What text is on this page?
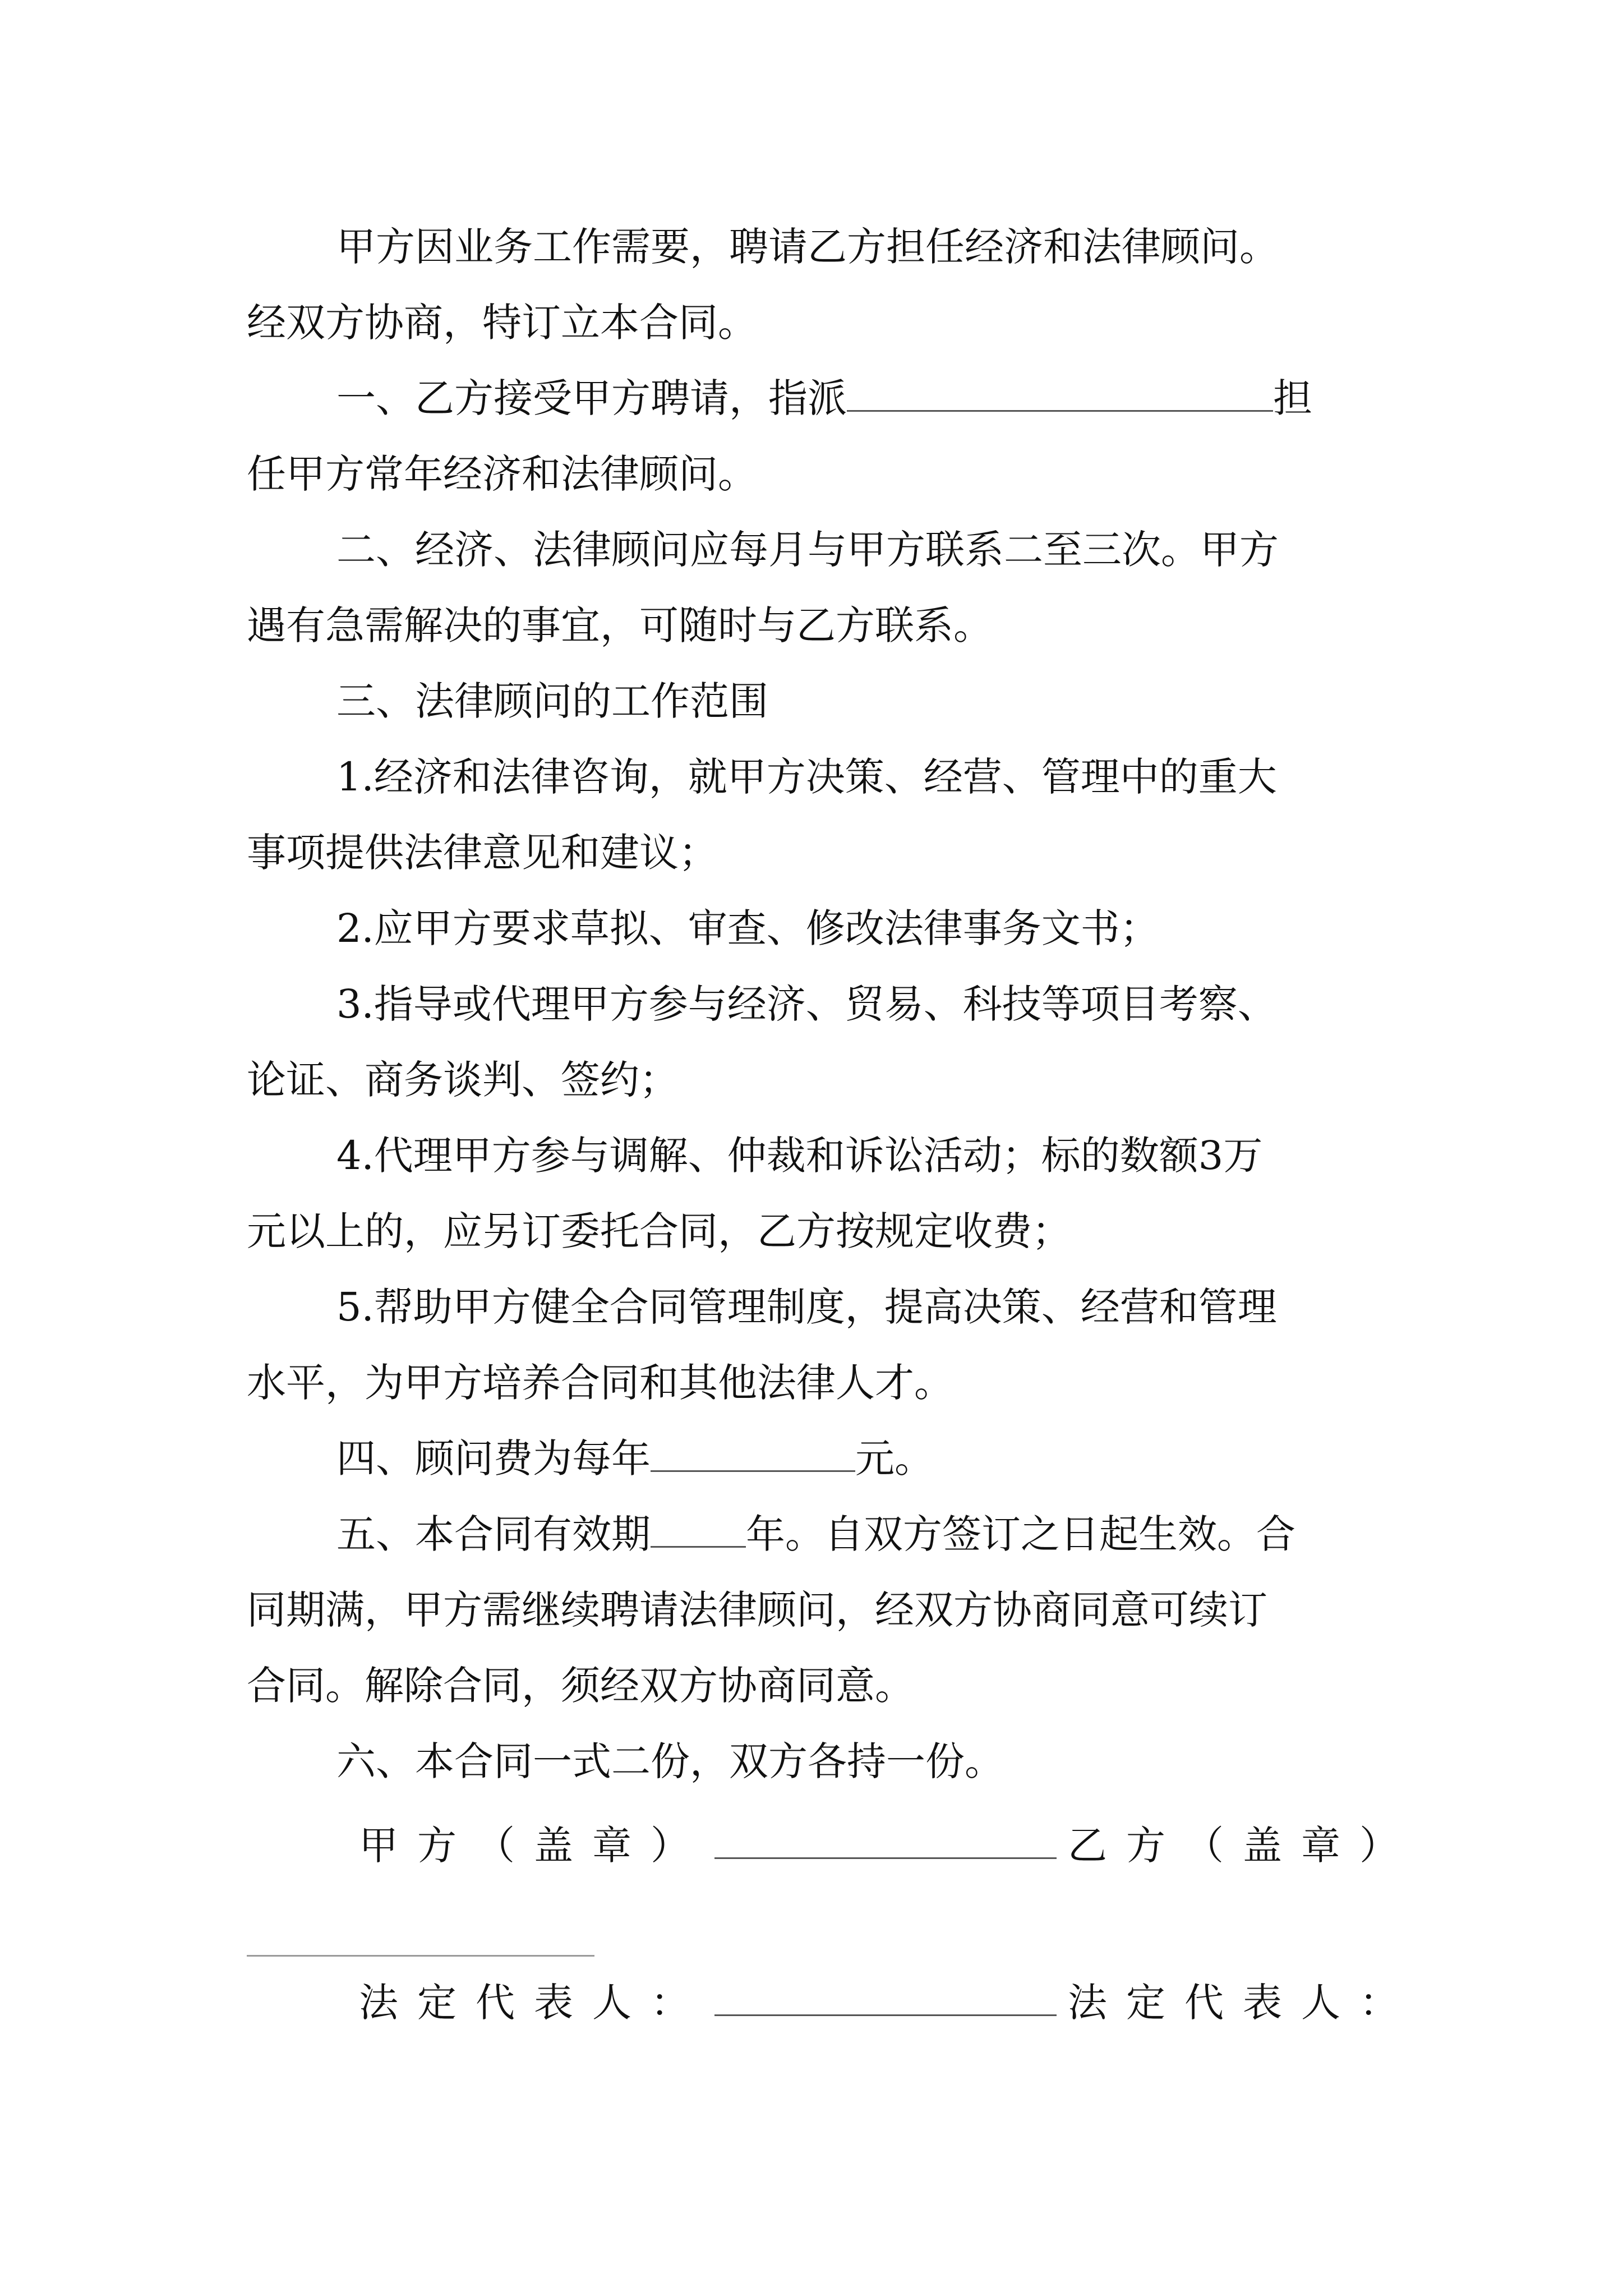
甲方因业务工作需要，聘请乙方担任经济和法律顾问。
经双方协商，特订立本合同。
一、乙方接受甲方聘请，指派	担
任甲方常年经济和法律顾问。
二、经济、法律顾问应每月与甲方联系二至三次。甲方
遇有急需解决的事宜，可随时与乙方联系。
三、法律顾问的工作范围
1.经济和法律咨询，就甲方决策、经营、管理中的重大
事项提供法律意见和建议；
2.应甲方要求草拟、审查、修改法律事务文书；
3.指导或代理甲方参与经济、贸易、科技等项目考察、
论证、商务谈判、签约；
4.代理甲方参与调解、仲裁和诉讼活动；标的数额3万
元以上的，应另订委托合同，乙方按规定收费；
5.帮助甲方健全合同管理制度，提高决策、经营和管理
水平，为甲方培养合同和其他法律人才。
四、顾问费为每年	元。
五、本合同有效期 年。自双方签订之日起生效。合
同期满，甲方需继续聘请法律顾问，经双方协商同意可续订
合同。解除合同，须经双方协商同意。
六、本合同一式二份，双方各持一份。
甲方（盖章）	乙方（盖章）
法定代表人：	法定代表人：
